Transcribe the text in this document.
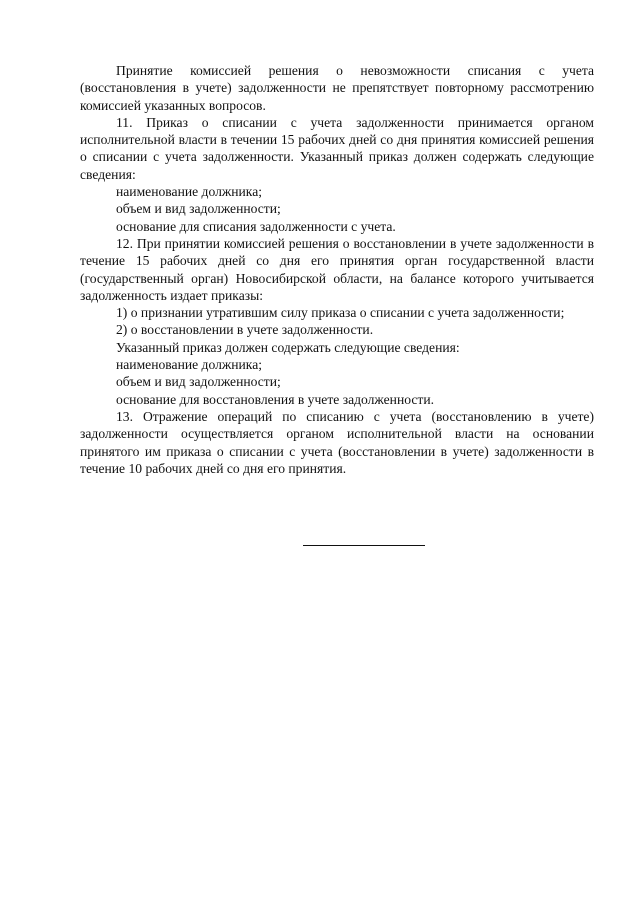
Принятие комиссией решения о невозможности списания с учета (восстановления в учете) задолженности не препятствует повторному рассмотрению комиссией указанных вопросов.

11. Приказ о списании с учета задолженности принимается органом исполнительной власти в течении 15 рабочих дней со дня принятия комиссией решения о списании с учета задолженности. Указанный приказ должен содержать следующие сведения:

наименование должника;

объем и вид задолженности;

основание для списания задолженности с учета.

12. При принятии комиссией решения о восстановлении в учете задолженности в течение 15 рабочих дней со дня его принятия орган государственной власти (государственный орган) Новосибирской области, на балансе которого учитывается задолженность издает приказы:

1) о признании утратившим силу приказа о списании с учета задолженности;

2) о восстановлении в учете задолженности.

Указанный приказ должен содержать следующие сведения:

наименование должника;

объем и вид задолженности;

основание для восстановления в учете задолженности.

13. Отражение операций по списанию с учета (восстановлению в учете) задолженности осуществляется органом исполнительной власти на основании принятого им приказа о списании с учета (восстановлении в учете) задолженности в течение 10 рабочих дней со дня его принятия.
